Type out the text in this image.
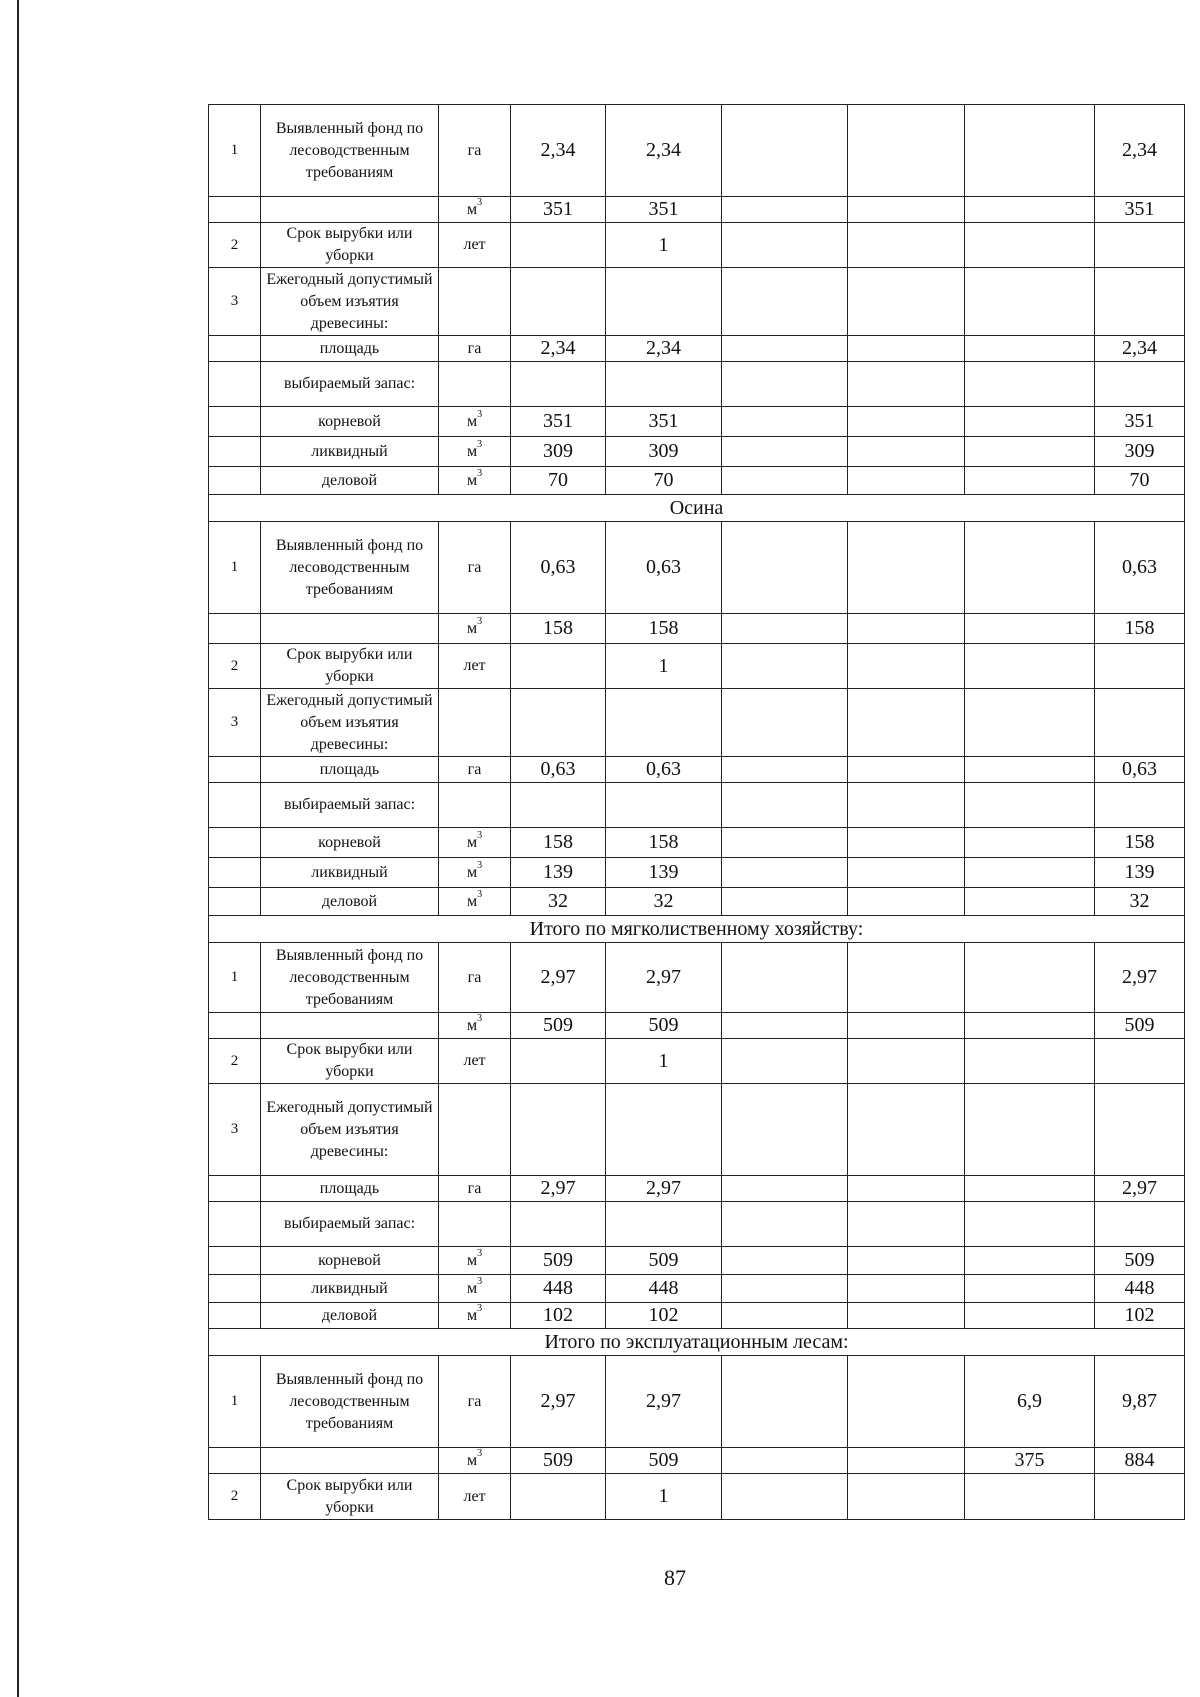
1	Выявленный фонд по лесоводственным требованиям	га	2,34	2,34				2,34
		$м^3$	351	351				351
2	Срок вырубки или уборки	лет		1				
3	Ежегодный допустимый объем изъятия древесины:							
	площадь	га	2,34	2,34				2,34
	выбираемый запас:							
	корневой	$м^3$	351	351				351
	ликвидный	$м^3$	309	309				309
	деловой	$м^3$	70	70				70
Осина								
1	Выявленный фонд по лесоводственным требованиям	га	0,63	0,63				0,63
		$м^3$	158	158				158
2	Срок вырубки или уборки	лет		1				
3	Ежегодный допустимый объем изъятия древесины:							
	площадь	га	0,63	0,63				0,63
	выбираемый запас:							
	корневой	$м^3$	158	158				158
	ликвидный	$м^3$	139	139				139
	деловой	$м^3$	32	32				32
Итого по мягколиственному хозяйству:								
1	Выявленный фонд по лесоводственным требованиям	га	2,97	2,97				2,97
		$м^3$	509	509				509
2	Срок вырубки или уборки	лет		1				
3	Ежегодный допустимый объем изъятия древесины:							
	площадь	га	2,97	2,97				2,97
	выбираемый запас:							
	корневой	$м^3$	509	509				509
	ликвидный	$м^3$	448	448				448
	деловой	$м^3$	102	102				102
Итого по эксплуатационным лесам:								
1	Выявленный фонд по лесоводственным требованиям	га	2,97	2,97			6,9	9,87
		$м^3$	509	509			375	884
2	Срок вырубки или уборки	лет		1				
87
